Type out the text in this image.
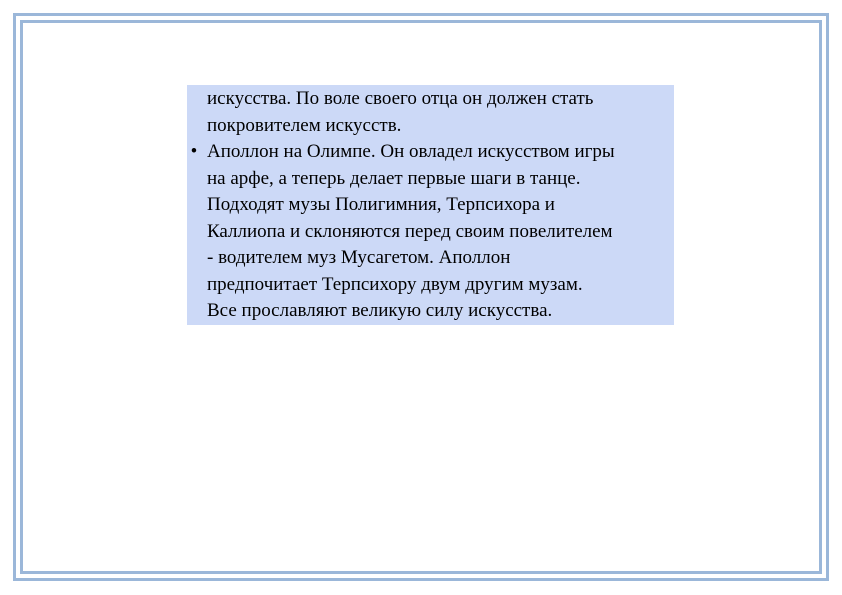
искусства. По воле своего отца он должен стать
покровителем искусств.

• Аполлон на Олимпе. Он овладел искусством игры
на арфе, а теперь делает первые шаги в танце.
Подходят музы Полигимния, Терпсихора и
Каллиопа и склоняются перед своим повелителем
- водителем муз Мусагетом. Аполлон
предпочитает Терпсихору двум другим музам.
Все прославляют великую силу искусства.
